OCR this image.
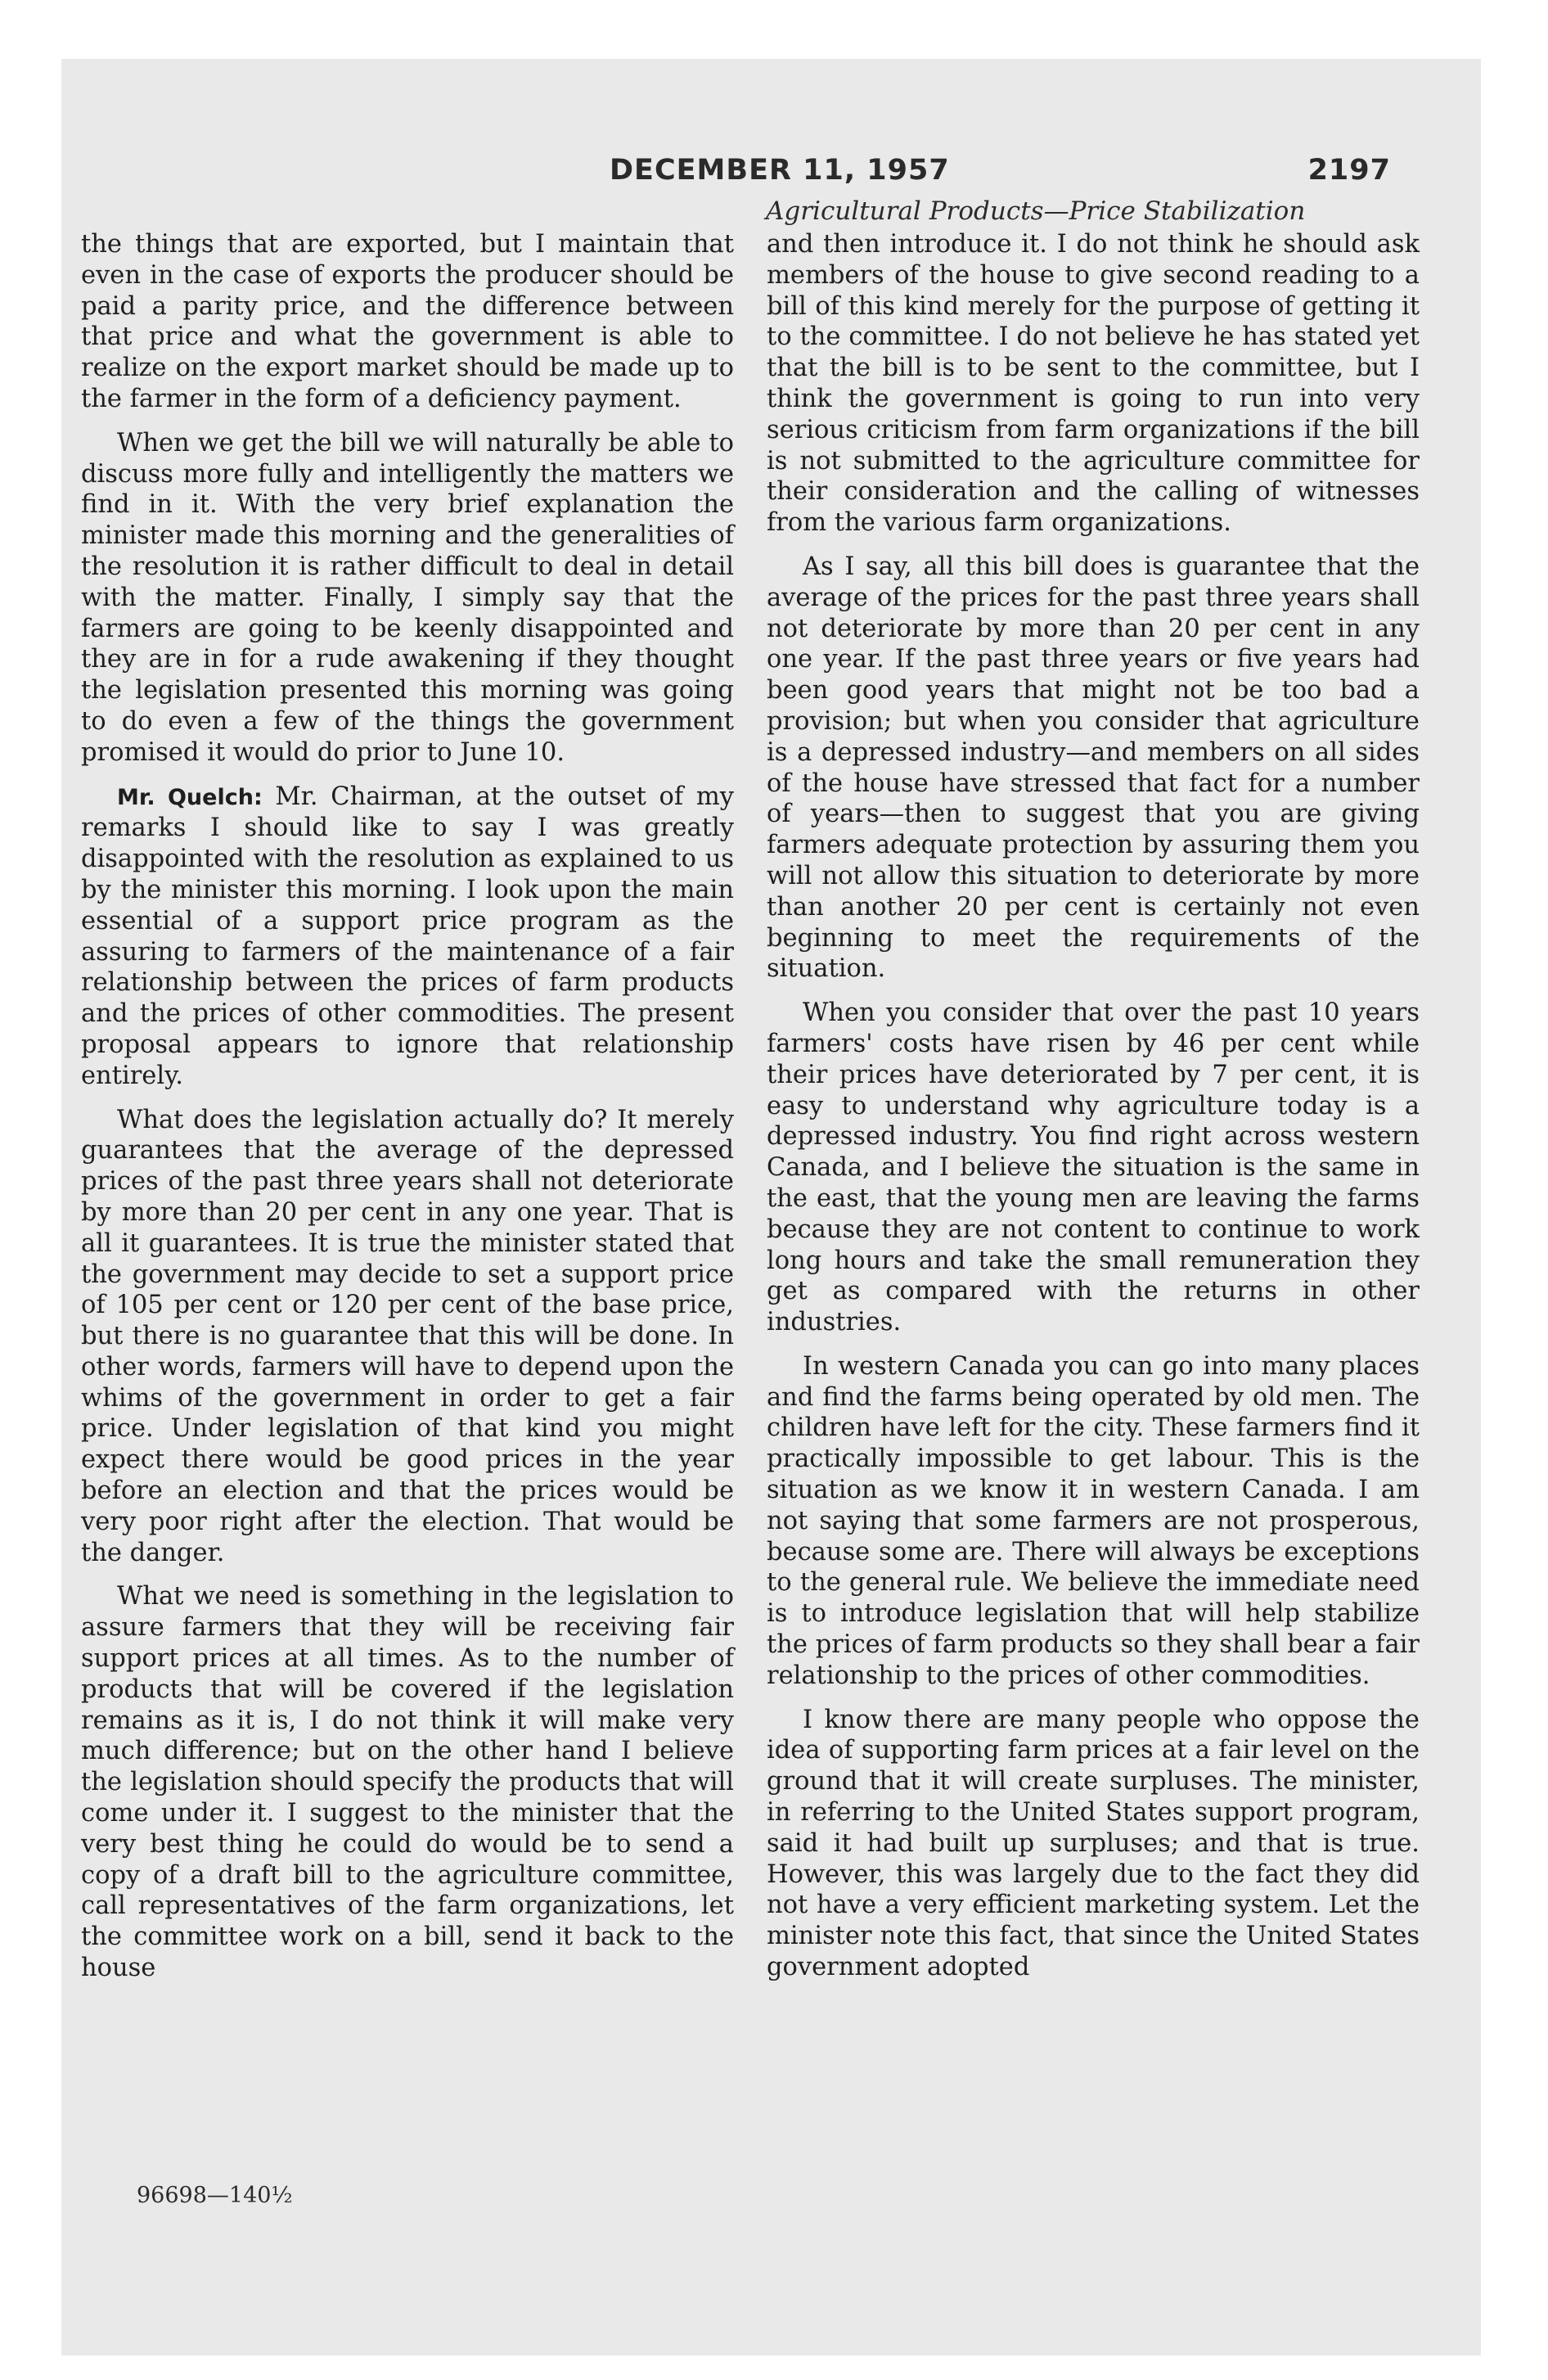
DECEMBER 11, 1957	2197
Agricultural Products—Price Stabilization

the things that are exported, but I maintain that even in the case of exports the producer should be paid a parity price, and the difference between that price and what the government is able to realize on the export market should be made up to the farmer in the form of a deficiency payment.

When we get the bill we will naturally be able to discuss more fully and intelligently the matters we find in it. With the very brief explanation the minister made this morning and the generalities of the resolution it is rather difficult to deal in detail with the matter. Finally, I simply say that the farmers are going to be keenly disappointed and they are in for a rude awakening if they thought the legislation presented this morning was going to do even a few of the things the government promised it would do prior to June 10.

Mr. Quelch: Mr. Chairman, at the outset of my remarks I should like to say I was greatly disappointed with the resolution as explained to us by the minister this morning. I look upon the main essential of a support price program as the assuring to farmers of the maintenance of a fair relationship between the prices of farm products and the prices of other commodities. The present proposal appears to ignore that relationship entirely.

What does the legislation actually do? It merely guarantees that the average of the depressed prices of the past three years shall not deteriorate by more than 20 per cent in any one year. That is all it guarantees. It is true the minister stated that the government may decide to set a support price of 105 per cent or 120 per cent of the base price, but there is no guarantee that this will be done. In other words, farmers will have to depend upon the whims of the government in order to get a fair price. Under legislation of that kind you might expect there would be good prices in the year before an election and that the prices would be very poor right after the election. That would be the danger.

What we need is something in the legislation to assure farmers that they will be receiving fair support prices at all times. As to the number of products that will be covered if the legislation remains as it is, I do not think it will make very much difference; but on the other hand I believe the legislation should specify the products that will come under it. I suggest to the minister that the very best thing he could do would be to send a copy of a draft bill to the agriculture committee, call representatives of the farm organizations, let the committee work on a bill, send it back to the house

and then introduce it. I do not think he should ask members of the house to give second reading to a bill of this kind merely for the purpose of getting it to the committee. I do not believe he has stated yet that the bill is to be sent to the committee, but I think the government is going to run into very serious criticism from farm organizations if the bill is not submitted to the agriculture committee for their consideration and the calling of witnesses from the various farm organizations.

As I say, all this bill does is guarantee that the average of the prices for the past three years shall not deteriorate by more than 20 per cent in any one year. If the past three years or five years had been good years that might not be too bad a provision; but when you consider that agriculture is a depressed industry—and members on all sides of the house have stressed that fact for a number of years—then to suggest that you are giving farmers adequate protection by assuring them you will not allow this situation to deteriorate by more than another 20 per cent is certainly not even beginning to meet the requirements of the situation.

When you consider that over the past 10 years farmers' costs have risen by 46 per cent while their prices have deteriorated by 7 per cent, it is easy to understand why agriculture today is a depressed industry. You find right across western Canada, and I believe the situation is the same in the east, that the young men are leaving the farms because they are not content to continue to work long hours and take the small remuneration they get as compared with the returns in other industries.

In western Canada you can go into many places and find the farms being operated by old men. The children have left for the city. These farmers find it practically impossible to get labour. This is the situation as we know it in western Canada. I am not saying that some farmers are not prosperous, because some are. There will always be exceptions to the general rule. We believe the immediate need is to introduce legislation that will help stabilize the prices of farm products so they shall bear a fair relationship to the prices of other commodities.

I know there are many people who oppose the idea of supporting farm prices at a fair level on the ground that it will create surpluses. The minister, in referring to the United States support program, said it had built up surpluses; and that is true. However, this was largely due to the fact they did not have a very efficient marketing system. Let the minister note this fact, that since the United States government adopted

96698—140½
